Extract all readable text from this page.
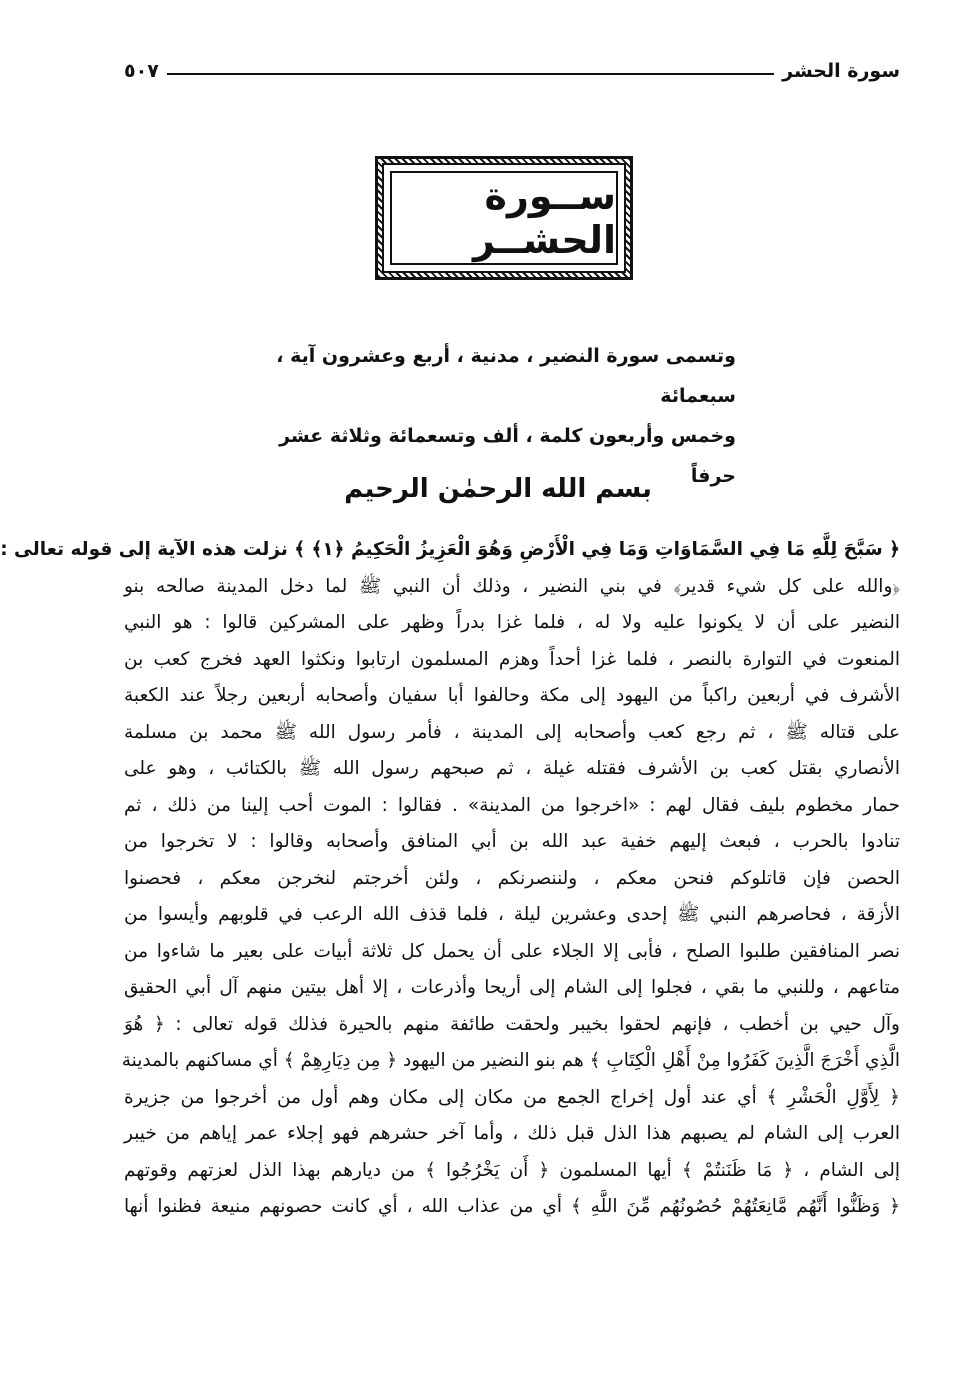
سورة الحشر
٥٠٧
ســورة الحشــر

وتسمى سورة النضير ، مدنية ، أربع وعشرون آية ، سبعمائة

وخمس وأربعون كلمة ، ألف وتسعمائة وثلاثة عشر حرفاً

بسم الله الرحمٰن الرحيم
﴿ سَبَّحَ لِلَّهِ مَا فِي السَّمَاوَاتِ وَمَا فِي الْأَرْضِ وَهُوَ الْعَزِيزُ الْحَكِيمُ ﴿١﴾ ﴾ نزلت هذه الآية إلى قوله تعالى :
﴿والله على كل شيء قدير﴾ في بني النضير ، وذلك أن النبي ﷺ لما دخل المدينة صالحه بنو
النضير على أن لا يكونوا عليه ولا له ، فلما غزا بدراً وظهر على المشركين قالوا : هو النبي
المنعوت في التوارة بالنصر ، فلما غزا أحداً وهزم المسلمون ارتابوا ونكثوا العهد فخرج كعب بن
الأشرف في أربعين راكباً من اليهود إلى مكة وحالفوا أبا سفيان وأصحابه أربعين رجلاً عند الكعبة
على قتاله ﷺ ، ثم رجع كعب وأصحابه إلى المدينة ، فأمر رسول الله ﷺ محمد بن مسلمة
الأنصاري بقتل كعب بن الأشرف فقتله غيلة ، ثم صبحهم رسول الله ﷺ بالكتائب ، وهو على
حمار مخطوم بليف فقال لهم : «اخرجوا من المدينة» . فقالوا : الموت أحب إلينا من ذلك ، ثم
تنادوا بالحرب ، فبعث إليهم خفية عبد الله بن أبي المنافق وأصحابه وقالوا : لا تخرجوا من
الحصن فإن قاتلوكم فنحن معكم ، ولننصرنكم ، ولئن أخرجتم لنخرجن معكم ، فحصنوا
الأزقة ، فحاصرهم النبي ﷺ إحدى وعشرين ليلة ، فلما قذف الله الرعب في قلوبهم وأيسوا من
نصر المنافقين طلبوا الصلح ، فأبى إلا الجلاء على أن يحمل كل ثلاثة أبيات على بعير ما شاءوا من
متاعهم ، وللنبي ما بقي ، فجلوا إلى الشام إلى أريحا وأذرعات ، إلا أهل بيتين منهم آل أبي الحقيق
وآل حيي بن أخطب ، فإنهم لحقوا بخيبر ولحقت طائفة منهم بالحيرة فذلك قوله تعالى : ﴿ هُوَ
الَّذِي أَخْرَجَ الَّذِينَ كَفَرُوا مِنْ أَهْلِ الْكِتَابِ ﴾ هم بنو النضير من اليهود ﴿ مِن دِيَارِهِمْ ﴾ أي مساكنهم بالمدينة
﴿ لِأَوَّلِ الْحَشْرِ ﴾ أي عند أول إخراج الجمع من مكان إلى مكان وهم أول من أخرجوا من جزيرة
العرب إلى الشام لم يصبهم هذا الذل قبل ذلك ، وأما آخر حشرهم فهو إجلاء عمر إياهم من خيبر
إلى الشام ، ﴿ مَا ظَنَنتُمْ ﴾ أيها المسلمون ﴿ أَن يَخْرُجُوا ﴾ من ديارهم بهذا الذل لعزتهم وقوتهم
﴿ وَظَنُّوا أَنَّهُم مَّانِعَتُهُمْ حُصُونُهُم مِّنَ اللَّهِ ﴾ أي من عذاب الله ، أي كانت حصونهم منيعة فظنوا أنها
